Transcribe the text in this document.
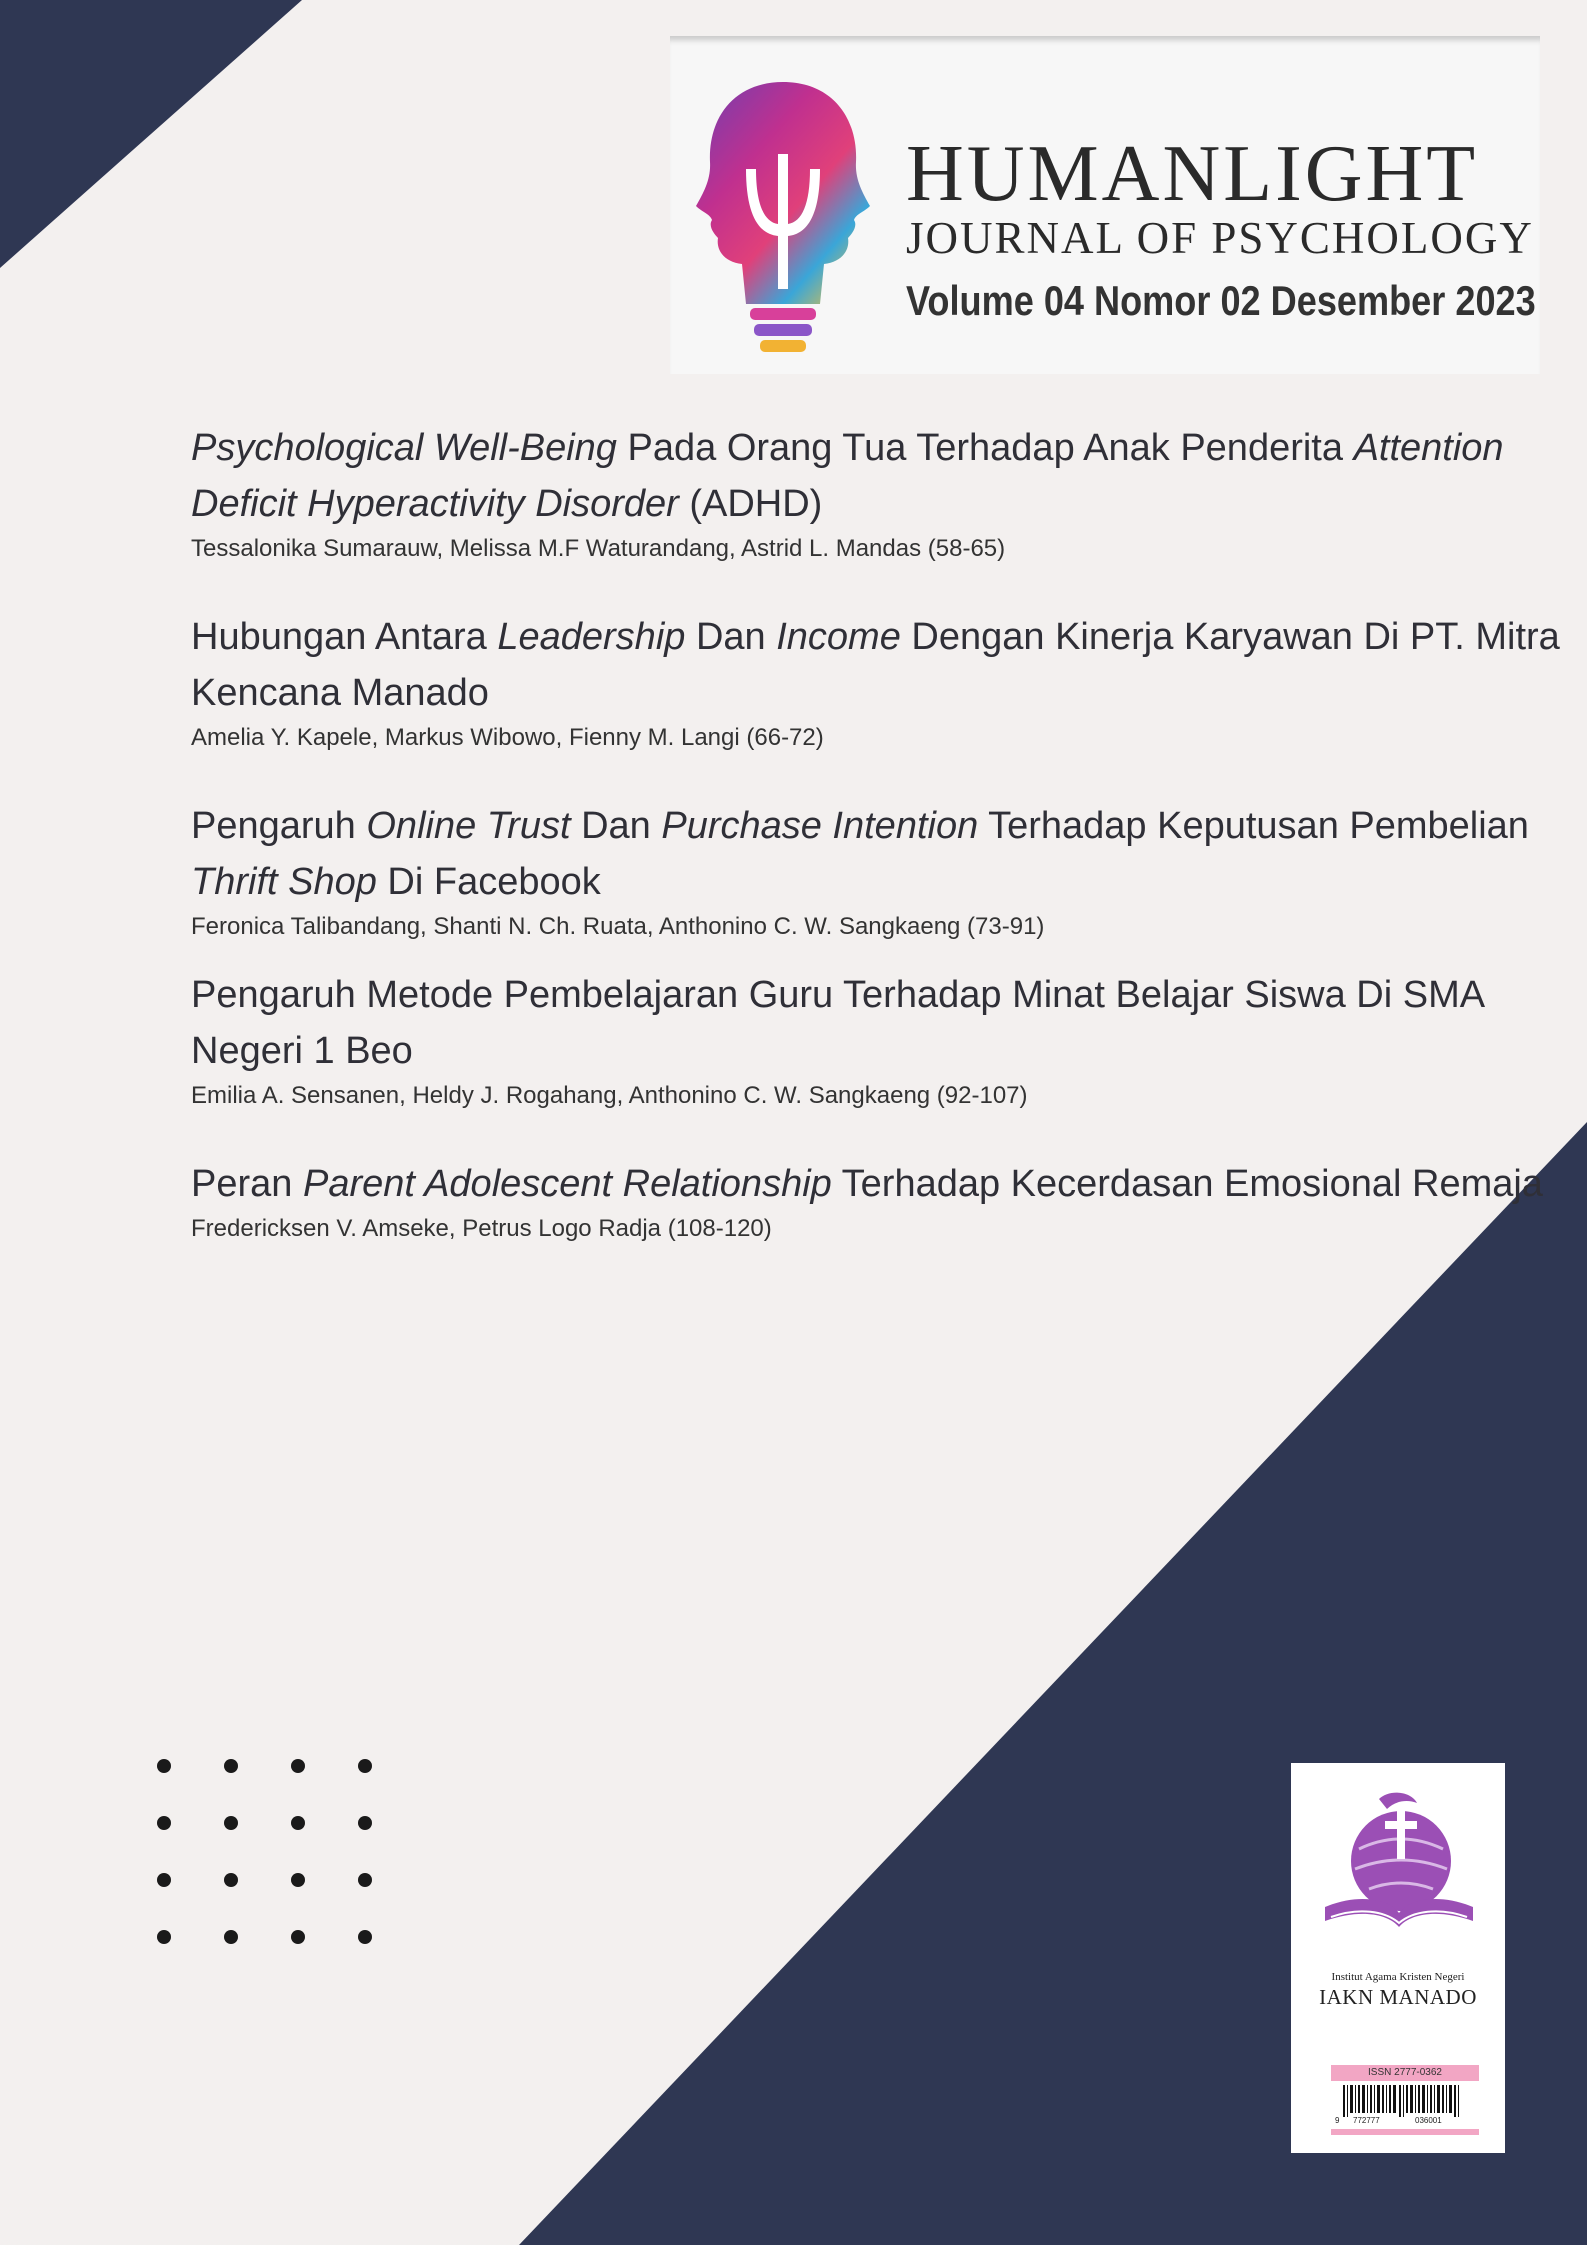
HUMANLIGHT
JOURNAL OF PSYCHOLOGY
Volume 04 Nomor 02 Desember 2023

Psychological Well-Being Pada Orang Tua Terhadap Anak Penderita Attention Deficit Hyperactivity Disorder (ADHD)

Tessalonika Sumarauw, Melissa M.F Waturandang, Astrid L. Mandas (58-65)

Hubungan Antara Leadership Dan Income Dengan Kinerja Karyawan Di PT. Mitra Kencana Manado

Amelia Y. Kapele, Markus Wibowo, Fienny M. Langi (66-72)

Pengaruh Online Trust Dan Purchase Intention Terhadap Keputusan Pembelian Thrift Shop Di Facebook

Feronica Talibandang, Shanti N. Ch. Ruata, Anthonino C. W. Sangkaeng (73-91)

Pengaruh Metode Pembelajaran Guru Terhadap Minat Belajar Siswa Di SMA Negeri 1 Beo

Emilia A. Sensanen, Heldy J. Rogahang, Anthonino C. W. Sangkaeng (92-107)

Peran Parent Adolescent Relationship Terhadap Kecerdasan Emosional Remaja

Fredericksen V. Amseke, Petrus Logo Radja (108-120)

Institut Agama Kristen Negeri
IAKN MANADO
ISSN 2777-0362
9 772777	036001
